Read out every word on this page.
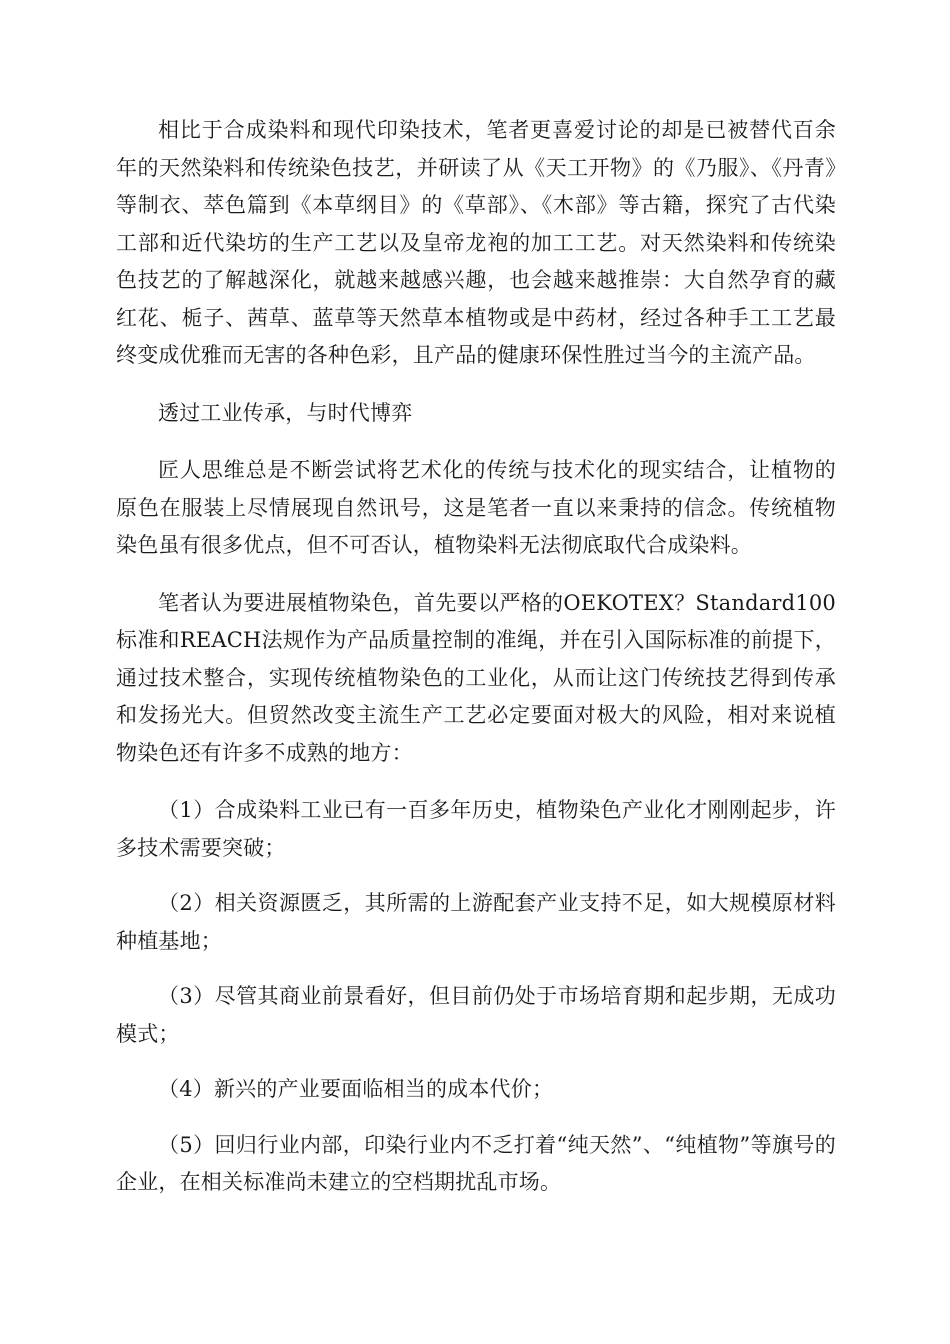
相比于合成染料和现代印染技术，笔者更喜爱讨论的却是已被替代百余年的天然染料和传统染色技艺，并研读了从《天工开物》的《乃服》、《丹青》等制衣、萃色篇到《本草纲目》的《草部》、《木部》等古籍，探究了古代染工部和近代染坊的生产工艺以及皇帝龙袍的加工工艺。对天然染料和传统染色技艺的了解越深化，就越来越感兴趣，也会越来越推崇：大自然孕育的藏红花、栀子、茜草、蓝草等天然草本植物或是中药材，经过各种手工工艺最终变成优雅而无害的各种色彩，且产品的健康环保性胜过当今的主流产品。

透过工业传承，与时代博弈

匠人思维总是不断尝试将艺术化的传统与技术化的现实结合，让植物的原色在服装上尽情展现自然讯号，这是笔者一直以来秉持的信念。传统植物染色虽有很多优点，但不可否认，植物染料无法彻底取代合成染料。

笔者认为要进展植物染色，首先要以严格的OEKOTEX？Standard100标准和REACH法规作为产品质量控制的准绳，并在引入国际标准的前提下，通过技术整合，实现传统植物染色的工业化，从而让这门传统技艺得到传承和发扬光大。但贸然改变主流生产工艺必定要面对极大的风险，相对来说植物染色还有许多不成熟的地方：

（1）合成染料工业已有一百多年历史，植物染色产业化才刚刚起步，许多技术需要突破；

（2）相关资源匮乏，其所需的上游配套产业支持不足，如大规模原材料种植基地；

（3）尽管其商业前景看好，但目前仍处于市场培育期和起步期，无成功模式；

（4）新兴的产业要面临相当的成本代价；

（5）回归行业内部，印染行业内不乏打着“纯天然”、“纯植物”等旗号的企业，在相关标准尚未建立的空档期扰乱市场。
